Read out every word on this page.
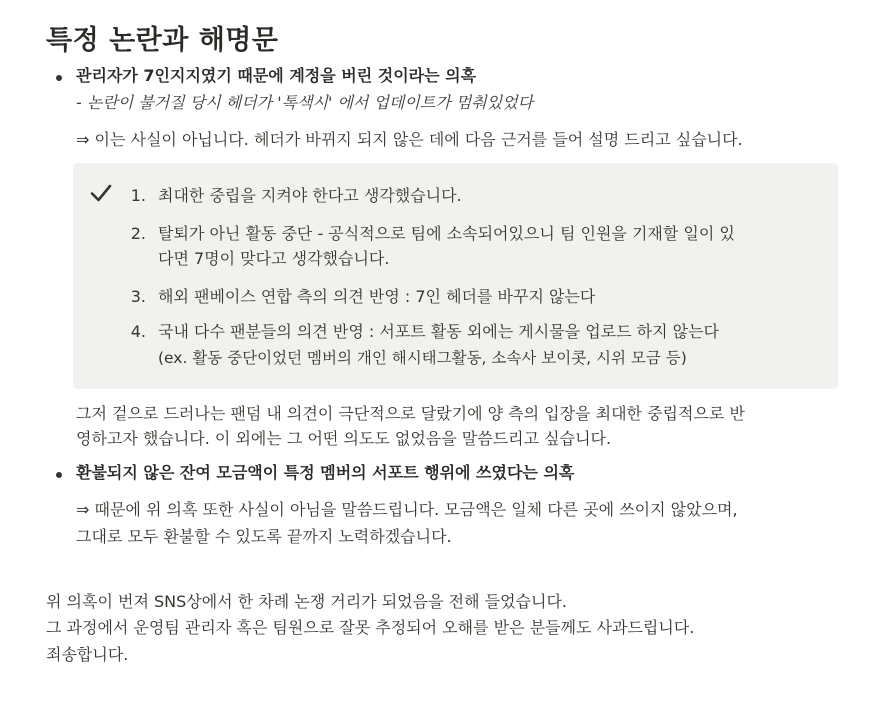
특정 논란과 해명문
관리자가 7인지지였기 때문에 계정을 버린 것이라는 의혹
- 논란이 불거질 당시 헤더가 '톡색시' 에서 업데이트가 멈춰있었다
⇒ 이는 사실이 아닙니다. 헤더가 바뀌지 되지 않은 데에 다음 근거를 들어 설명 드리고 싶습니다.
1. 최대한 중립을 지켜야 한다고 생각했습니다.
2. 탈퇴가 아닌 활동 중단 - 공식적으로 팀에 소속되어있으니 팀 인원을 기재할 일이 있
다면 7명이 맞다고 생각했습니다.
3. 해외 팬베이스 연합 측의 의견 반영 : 7인 헤더를 바꾸지 않는다
4. 국내 다수 팬분들의 의견 반영 : 서포트 활동 외에는 게시물을 업로드 하지 않는다
(ex. 활동 중단이었던 멤버의 개인 해시태그활동, 소속사 보이콧, 시위 모금 등)
그저 겉으로 드러나는 팬덤 내 의견이 극단적으로 달랐기에 양 측의 입장을 최대한 중립적으로 반
영하고자 했습니다. 이 외에는 그 어떤 의도도 없었음을 말씀드리고 싶습니다.
환불되지 않은 잔여 모금액이 특정 멤버의 서포트 행위에 쓰였다는 의혹
⇒ 때문에 위 의혹 또한 사실이 아님을 말씀드립니다. 모금액은 일체 다른 곳에 쓰이지 않았으며,
그대로 모두 환불할 수 있도록 끝까지 노력하겠습니다.
위 의혹이 번져 SNS상에서 한 차례 논쟁 거리가 되었음을 전해 들었습니다.
그 과정에서 운영팀 관리자 혹은 팀원으로 잘못 추정되어 오해를 받은 분들께도 사과드립니다.
죄송합니다.
